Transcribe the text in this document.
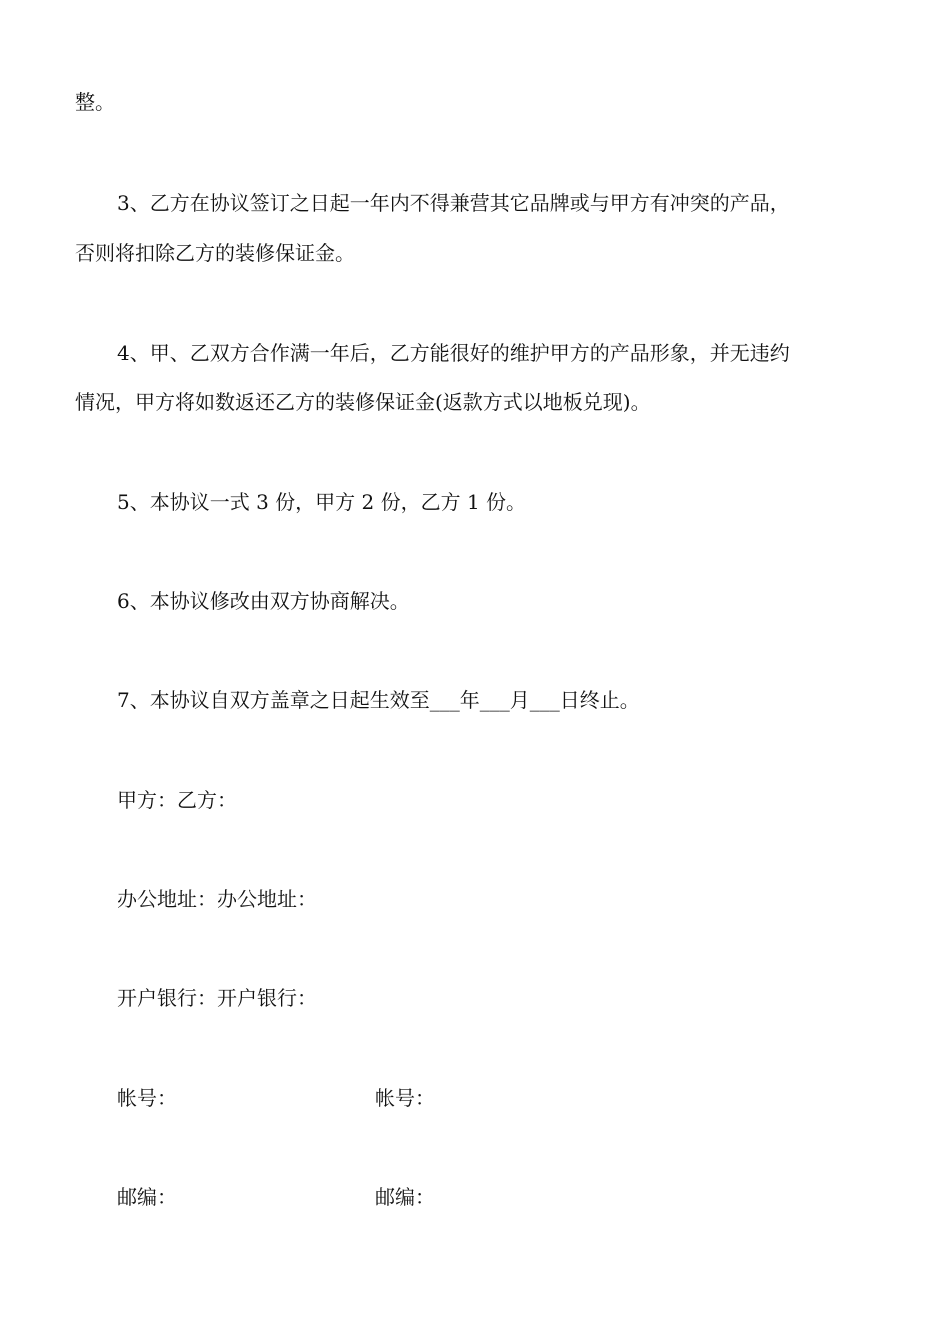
整。
3、乙方在协议签订之日起一年内不得兼营其它品牌或与甲方有冲突的产品，
否则将扣除乙方的装修保证金。
4、甲、乙双方合作满一年后，乙方能很好的维护甲方的产品形象，并无违约
情况，甲方将如数返还乙方的装修保证金(返款方式以地板兑现)。
5、本协议一式 3 份，甲方 2 份，乙方 1 份。
6、本协议修改由双方协商解决。
7、本协议自双方盖章之日起生效至___年___月___日终止。
甲方：乙方：
办公地址：办公地址：
开户银行：开户银行：
帐号：	帐号：
邮编：	邮编：
